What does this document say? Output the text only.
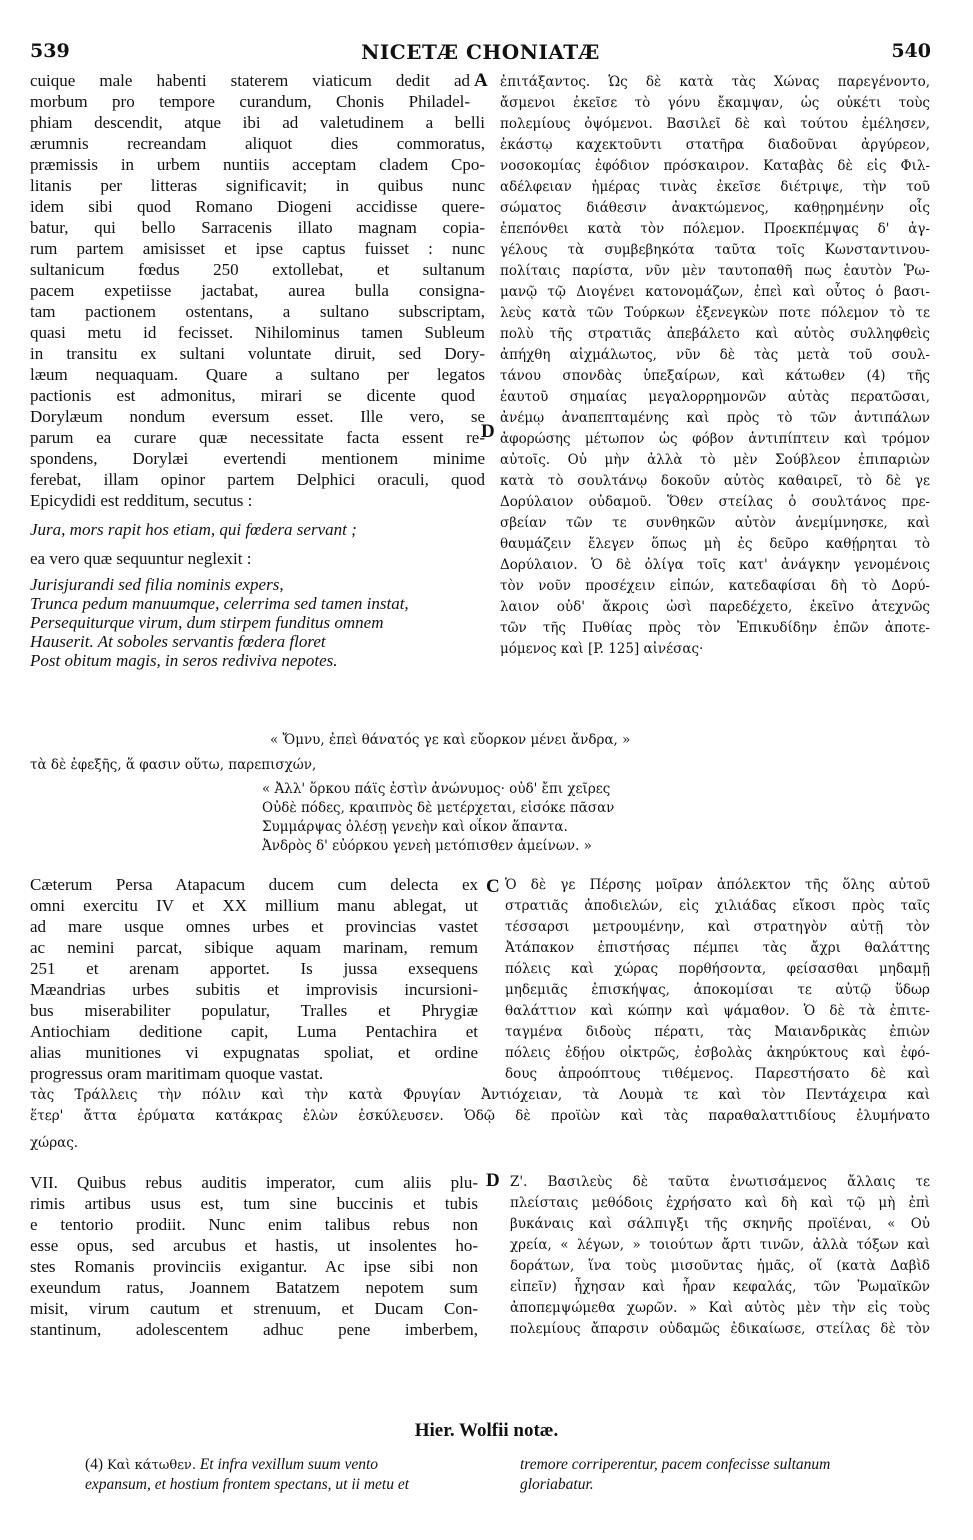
539	NICETÆ CHONIATÆ	540
A
D
C
D
cuique male habenti staterem viaticum dedit ad
morbum pro tempore curandum, Chonis Philadel-
phiam descendit, atque ibi ad valetudinem a belli
ærumnis recreandam aliquot dies commoratus,
præmissis in urbem nuntiis acceptam cladem Cpo-
litanis per litteras significavit; in quibus nunc
idem sibi quod Romano Diogeni accidisse quere-
batur, qui bello Sarracenis illato magnam copia-
rum partem amisisset et ipse captus fuisset : nunc
sultanicum fœdus 250 extollebat, et sultanum
pacem expetiisse jactabat, aurea bulla consigna-
tam pactionem ostentans, a sultano subscriptam,
quasi metu id fecisset. Nihilominus tamen Subleum
in transitu ex sultani voluntate diruit, sed Dory-
læum nequaquam. Quare a sultano per legatos
pactionis est admonitus, mirari se dicente quod
Dorylæum nondum eversum esset. Ille vero, se
parum ea curare quæ necessitate facta essent re-
spondens, Dorylæi evertendi mentionem minime
ferebat, illam opinor partem Delphici oraculi, quod
Epicydidi est redditum, secutus :
Jura, mors rapit hos etiam, qui fœdera servant ;
ea vero quæ sequuntur neglexit :
Jurisjurandi sed filia nominis expers,
Trunca pedum manuumque, celerrima sed tamen instat,
Persequiturque virum, dum stirpem funditus omnem
Hauserit. At soboles servantis fœdera floret
Post obitum magis, in seros rediviva nepotes.
ἐπιτάξαντος. Ὡς δὲ κατὰ τὰς Χώνας παρεγένοντο,
ἄσμενοι ἐκεῖσε τὸ γόνυ ἔκαμψαν, ὡς οὐκέτι τοὺς
πολεμίους ὀψόμενοι. Βασιλεῖ δὲ καὶ τούτου ἐμέλησεν,
ἑκάστῳ καχεκτοῦντι στατῆρα διαδοῦναι ἀργύρεον,
νοσοκομίας ἐφόδιον πρόσκαιρον. Καταβὰς δὲ εἰς Φιλ-
αδέλφειαν ἡμέρας τινὰς ἐκεῖσε διέτριψε, τὴν τοῦ
σώματος διάθεσιν ἀνακτώμενος, καθῃρημένην οἷς
ἐπεπόνθει κατὰ τὸν πόλεμον. Προεκπέμψας δ' ἀγ-
γέλους τὰ συμβεβηκότα ταῦτα τοῖς Κωνσταντινου-
πολίταις παρίστα, νῦν μὲν ταυτοπαθῆ πως ἑαυτὸν Ῥω-
μανῷ τῷ Διογένει κατονομάζων, ἐπεὶ καὶ οὗτος ὁ βασι-
λεὺς κατὰ τῶν Τούρκων ἐξενεγκὼν ποτε πόλεμον τὸ τε
πολὺ τῆς στρατιᾶς ἀπεβάλετο καὶ αὐτὸς συλληφθεὶς
ἀπήχθη αἰχμάλωτος, νῦν δὲ τὰς μετὰ τοῦ σουλ-
τάνου σπονδὰς ὑπεξαίρων, καὶ κάτωθεν (4) τῆς
ἑαυτοῦ σημαίας μεγαλορρημονῶν αὐτὰς περατῶσαι,
ἀνέμῳ ἀναπεπταμένης καὶ πρὸς τὸ τῶν ἀντιπάλων
ἀφορώσης μέτωπον ὡς φόβον ἀντιπίπτειν καὶ τρόμον
αὐτοῖς. Οὐ μὴν ἀλλὰ τὸ μὲν Σούβλεον ἐπιπαριὼν
κατὰ τὸ σουλτάνῳ δοκοῦν αὐτὸς καθαιρεῖ, τὸ δὲ γε
Δορύλαιον οὐδαμοῦ. Ὅθεν στείλας ὁ σουλτάνος πρε-
σβείαν τῶν τε συνθηκῶν αὐτὸν ἀνεμίμνησκε, καὶ
θαυμάζειν ἔλεγεν ὅπως μὴ ἐς δεῦρο καθῄρηται τὸ
Δορύλαιον. Ὁ δὲ ὀλίγα τοῖς κατ' ἀνάγκην γενομένοις
τὸν νοῦν προσέχειν εἰπών, κατεδαφίσαι δὴ τὸ Δορύ-
λαιον οὐδ' ἄκροις ὠσὶ παρεδέχετο, ἐκεῖνο ἀτεχνῶς
τῶν τῆς Πυθίας πρὸς τὸν Ἐπικυδίδην ἐπῶν ἀποτε-
μόμενος καὶ [P. 125] αἰνέσας·
« Ὄμνυ, ἐπεὶ θάνατός γε καὶ εὔορκον μένει ἄνδρα, »
τὰ δὲ ἐφεξῆς, ἅ φασιν οὕτω, παρεπισχών,
« Ἀλλ' ὅρκου πάϊς ἐστὶν ἀνώνυμος· οὐδ' ἔπι χεῖρες
Οὐδὲ πόδες, κραιπνὸς δὲ μετέρχεται, εἰσόκε πᾶσαν
Συμμάρψας ὀλέσῃ γενεὴν καὶ οἶκον ἅπαντα.
Ἀνδρὸς δ' εὐόρκου γενεὴ μετόπισθεν ἀμείνων. »
Cæterum Persa Atapacum ducem cum delecta ex
omni exercitu IV et XX millium manu ablegat, ut
ad mare usque omnes urbes et provincias vastet
ac nemini parcat, sibique aquam marinam, remum
251 et arenam apportet. Is jussa exsequens
Mæandrias urbes subitis et improvisis incursioni-
bus miserabiliter populatur, Tralles et Phrygiæ
Antiochiam deditione capit, Luma Pentachira et
alias munitiones vi expugnatas spoliat, et ordine
progressus oram maritimam quoque vastat.
Ὁ δὲ γε Πέρσης μοῖραν ἀπόλεκτον τῆς ὅλης αὐτοῦ
στρατιᾶς ἀποδιελών, εἰς χιλιάδας εἴκοσι πρὸς ταῖς
τέσσαρσι μετρουμένην, καὶ στρατηγὸν αὐτῇ τὸν
Ἀτάπακον ἐπιστήσας πέμπει τὰς ἄχρι θαλάττης
πόλεις καὶ χώρας πορθήσοντα, φείσασθαι μηδαμῇ
μηδεμιᾶς ἐπισκήψας, ἀποκομίσαι τε αὐτῷ ὕδωρ
θαλάττιον καὶ κώπην καὶ ψάμαθον. Ὁ δὲ τὰ ἐπιτε-
ταγμένα διδοὺς πέρατι, τὰς Μαιανδρικὰς ἐπιὼν
πόλεις ἐδῄου οἰκτρῶς, ἐσβολὰς ἀκηρύκτους καὶ ἐφό-
δους ἀπροόπτους τιθέμενος. Παρεστήσατο δὲ καὶ
τὰς Τράλλεις τὴν πόλιν καὶ τὴν κατὰ Φρυγίαν Ἀντιόχειαν, τὰ Λουμὰ τε καὶ τὸν Πεντάχειρα καὶ
ἕτερ' ἄττα ἐρύματα κατάκρας ἑλὼν ἐσκύλευσεν. Ὁδῷ δὲ προϊὼν καὶ τὰς παραθαλαττιδίους ἐλυμήνατο
χώρας.
VII. Quibus rebus auditis imperator, cum aliis plu-
rimis artibus usus est, tum sine buccinis et tubis
e tentorio prodiit. Nunc enim talibus rebus non
esse opus, sed arcubus et hastis, ut insolentes ho-
stes Romanis provinciis exigantur. Ac ipse sibi non
exeundum ratus, Joannem Batatzem nepotem sum
misit, virum cautum et strenuum, et Ducam Con-
stantinum, adolescentem adhuc pene imberbem,
Ζ'. Βασιλεὺς δὲ ταῦτα ἐνωτισάμενος ἄλλαις τε
πλείσταις μεθόδοις ἐχρήσατο καὶ δὴ καὶ τῷ μὴ ἐπὶ
βυκάναις καὶ σάλπιγξι τῆς σκηνῆς προϊέναι, « Οὐ
χρεία, « λέγων, » τοιούτων ἄρτι τινῶν, ἀλλὰ τόξων καὶ
δοράτων, ἵνα τοὺς μισοῦντας ἡμᾶς, οἵ (κατὰ Δαβὶδ
εἰπεῖν) ἦχησαν καὶ ἦραν κεφαλάς, τῶν Ῥωμαϊκῶν
ἀποπεμψώμεθα χωρῶν. » Καὶ αὐτὸς μὲν τὴν εἰς τοὺς
πολεμίους ἄπαρσιν οὐδαμῶς ἐδικαίωσε, στείλας δὲ τὸν
Hier. Wolfii notæ.
(4) Καὶ κάτωθεν. Et infra vexillum suum vento
expansum, et hostium frontem spectans, ut ii metu et
tremore corriperentur, pacem confecisse sultanum
gloriabatur.
